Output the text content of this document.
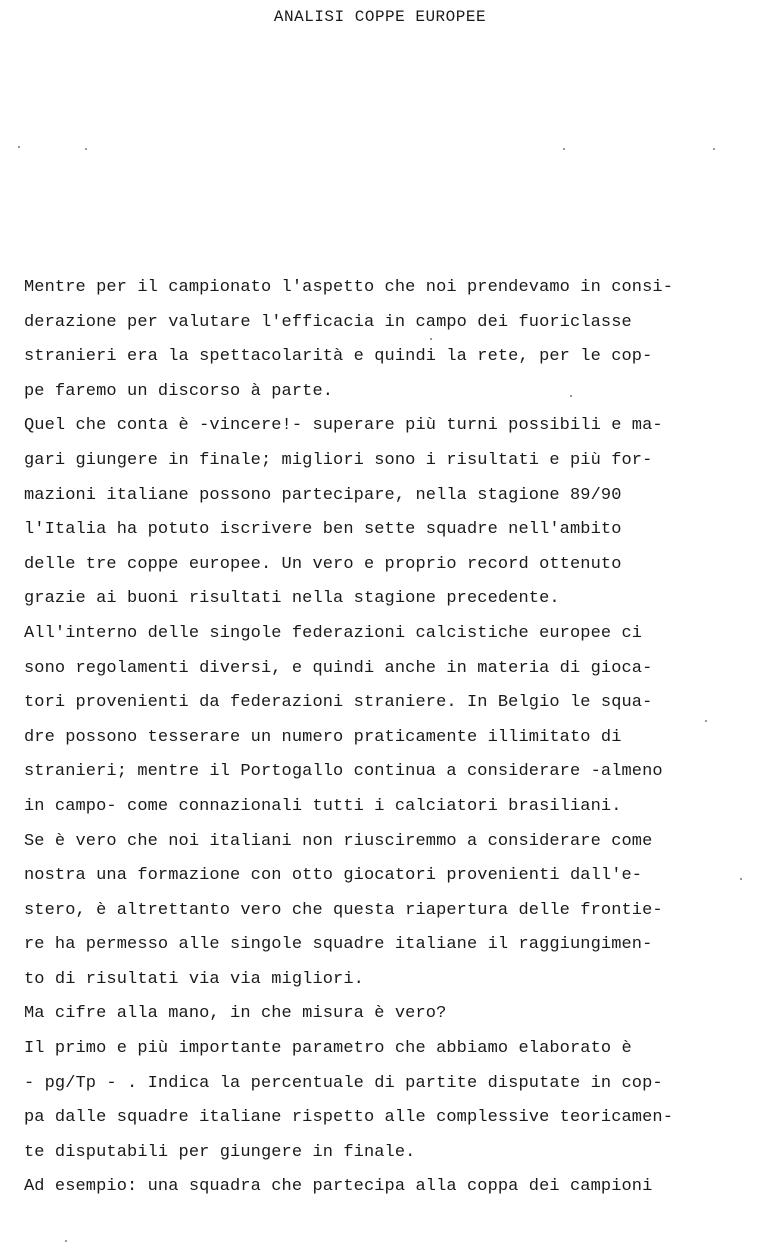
ANALISI COPPE EUROPEE
Mentre per il campionato l'aspetto che noi prendevamo in consi-
derazione per valutare l'efficacia in campo dei fuoriclasse
stranieri era la spettacolarità e quindi la rete, per le cop-
pe faremo un discorso à parte.
Quel che conta è -vincere!- superare più turni possibili e ma-
gari giungere in finale; migliori sono i risultati e più for-
mazioni italiane possono partecipare, nella stagione 89/90
l'Italia ha potuto iscrivere ben sette squadre nell'ambito
delle tre coppe europee. Un vero e proprio record ottenuto
grazie ai buoni risultati nella stagione precedente.
All'interno delle singole federazioni calcistiche europee ci
sono regolamenti diversi, e quindi anche in materia di gioca-
tori provenienti da federazioni straniere. In Belgio le squa-
dre possono tesserare un numero praticamente illimitato di
stranieri; mentre il Portogallo continua a considerare -almeno
in campo- come connazionali tutti i calciatori brasiliani.
Se è vero che noi italiani non riusciremmo a considerare come
nostra una formazione con otto giocatori provenienti dall'e-
stero, è altrettanto vero che questa riapertura delle frontie-
re ha permesso alle singole squadre italiane il raggiungimen-
to di risultati via via migliori.
Ma cifre alla mano, in che misura è vero?
Il primo e più importante parametro che abbiamo elaborato è
- pg/Tp - . Indica la percentuale di partite disputate in cop-
pa dalle squadre italiane rispetto alle complessive teoricamen-
te disputabili per giungere in finale.
Ad esempio: una squadra che partecipa alla coppa dei campioni
